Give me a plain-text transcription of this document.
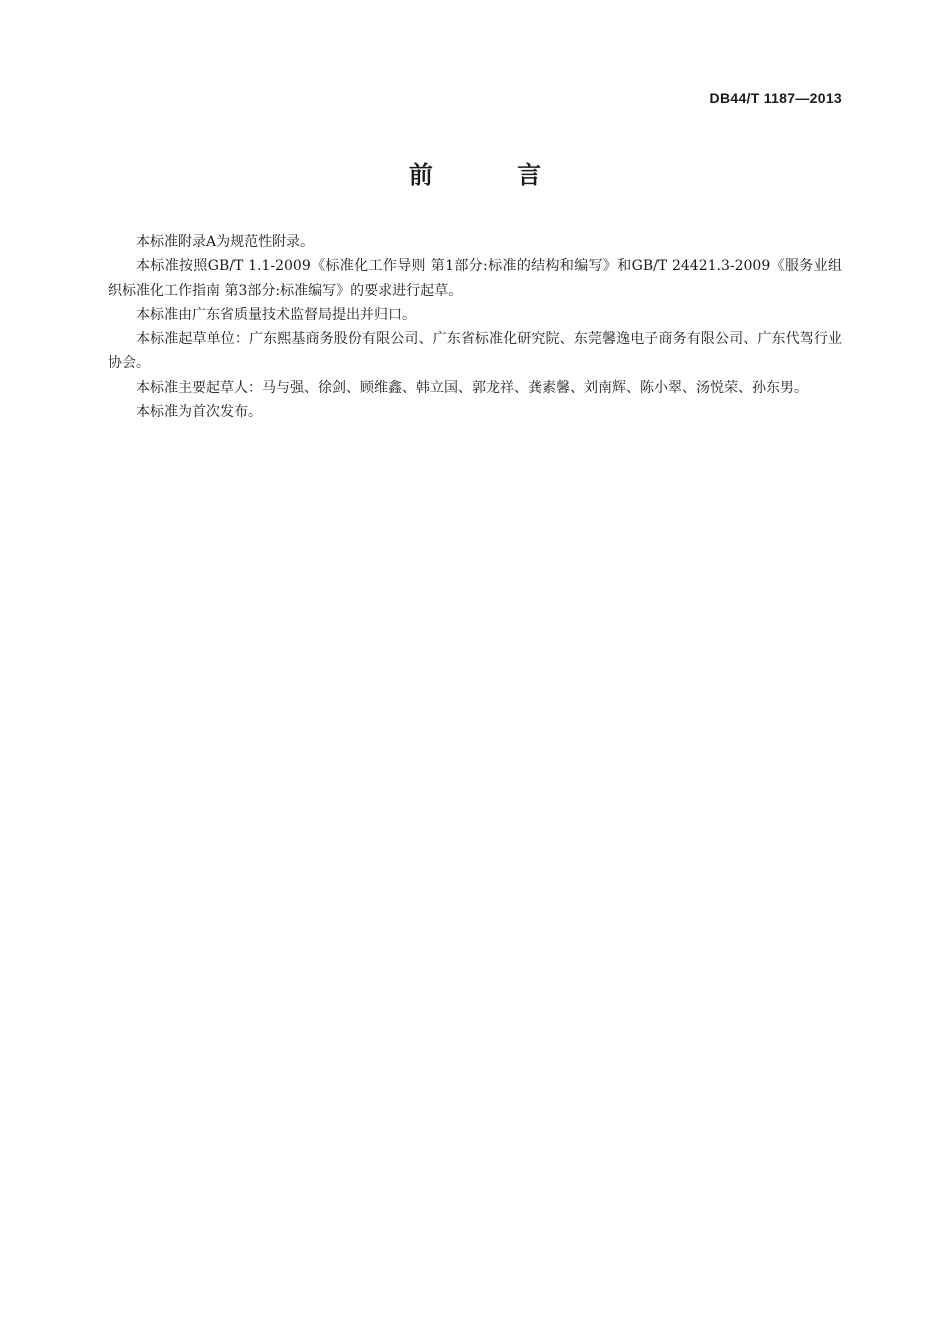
DB44/T 1187—2013
前 言

本标准附录A为规范性附录。

本标准按照GB/T 1.1-2009《标准化工作导则 第1部分:标准的结构和编写》和GB/T 24421.3-2009《服务业组织标准化工作指南 第3部分:标准编写》的要求进行起草。

本标准由广东省质量技术监督局提出并归口。

本标准起草单位：广东熙基商务股份有限公司、广东省标准化研究院、东莞馨逸电子商务有限公司、广东代驾行业协会。

本标准主要起草人：马与强、徐剑、顾维鑫、韩立国、郭龙祥、龚素馨、刘南辉、陈小翠、汤悦荣、孙东男。

本标准为首次发布。
